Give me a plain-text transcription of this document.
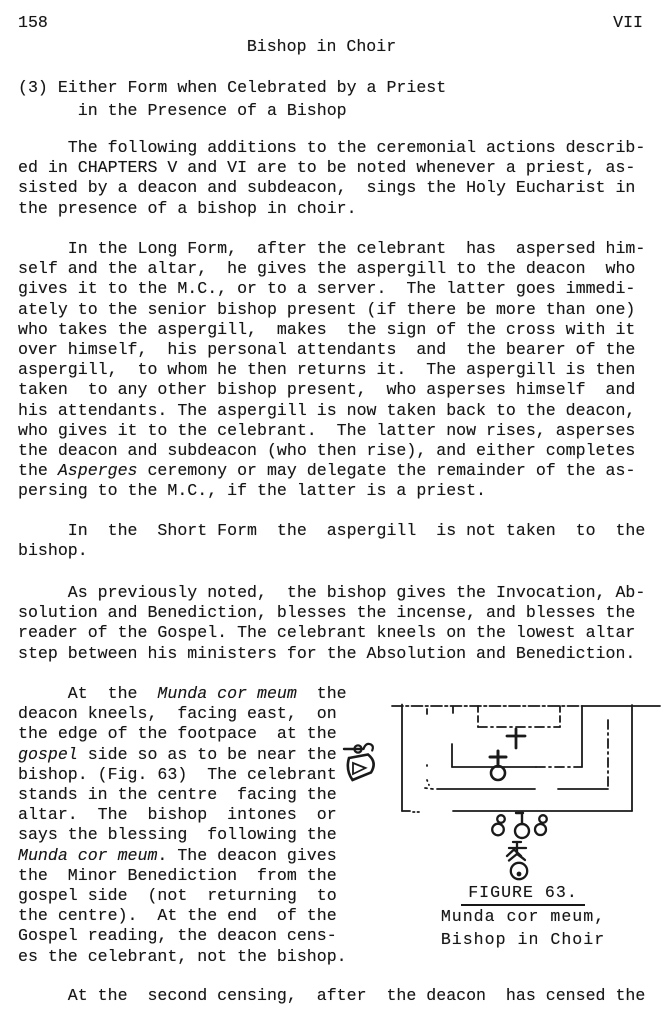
158	VII
Bishop in Choir
(3) Either Form when Celebrated by a Priest
in the Presence of a Bishop
The following additions to the ceremonial actions describ-
ed in CHAPTERS V and VI are to be noted whenever a priest, as-
sisted by a deacon and subdeacon,  sings the Holy Eucharist in
the presence of a bishop in choir.
In the Long Form,  after the celebrant  has  aspersed him-
self and the altar,  he gives the aspergill to the deacon  who
gives it to the M.C., or to a server.  The latter goes immedi-
ately to the senior bishop present (if there be more than one)
who takes the aspergill,  makes  the sign of the cross with it
over himself,  his personal attendants  and  the bearer of the
aspergill,  to whom he then returns it.  The aspergill is then
taken  to any other bishop present,  who asperses himself  and
his attendants. The aspergill is now taken back to the deacon,
who gives it to the celebrant.  The latter now rises, asperses
the deacon and subdeacon (who then rise), and either completes
the Asperges ceremony or may delegate the remainder of the as-
persing to the M.C., if the latter is a priest.
In  the  Short Form  the  aspergill  is not taken  to  the
bishop.
As previously noted,  the bishop gives the Invocation, Ab-
solution and Benediction, blesses the incense, and blesses the
reader of the Gospel. The celebrant kneels on the lowest altar
step between his ministers for the Absolution and Benediction.
At  the  Munda cor meum  the
deacon kneels,  facing east,  on
the edge of the footpace  at the
gospel side so as to be near the
bishop. (Fig. 63)  The celebrant
stands in the centre  facing the
altar.  The  bishop  intones  or
says the blessing  following the
Munda cor meum. The deacon gives
the  Minor Benediction  from the
gospel side  (not  returning  to
the centre).  At the end  of the
Gospel reading, the deacon cens-
es the celebrant, not the bishop.
FIGURE 63.
Munda cor meum,
Bishop in Choir
At the  second censing,  after  the deacon  has censed the
